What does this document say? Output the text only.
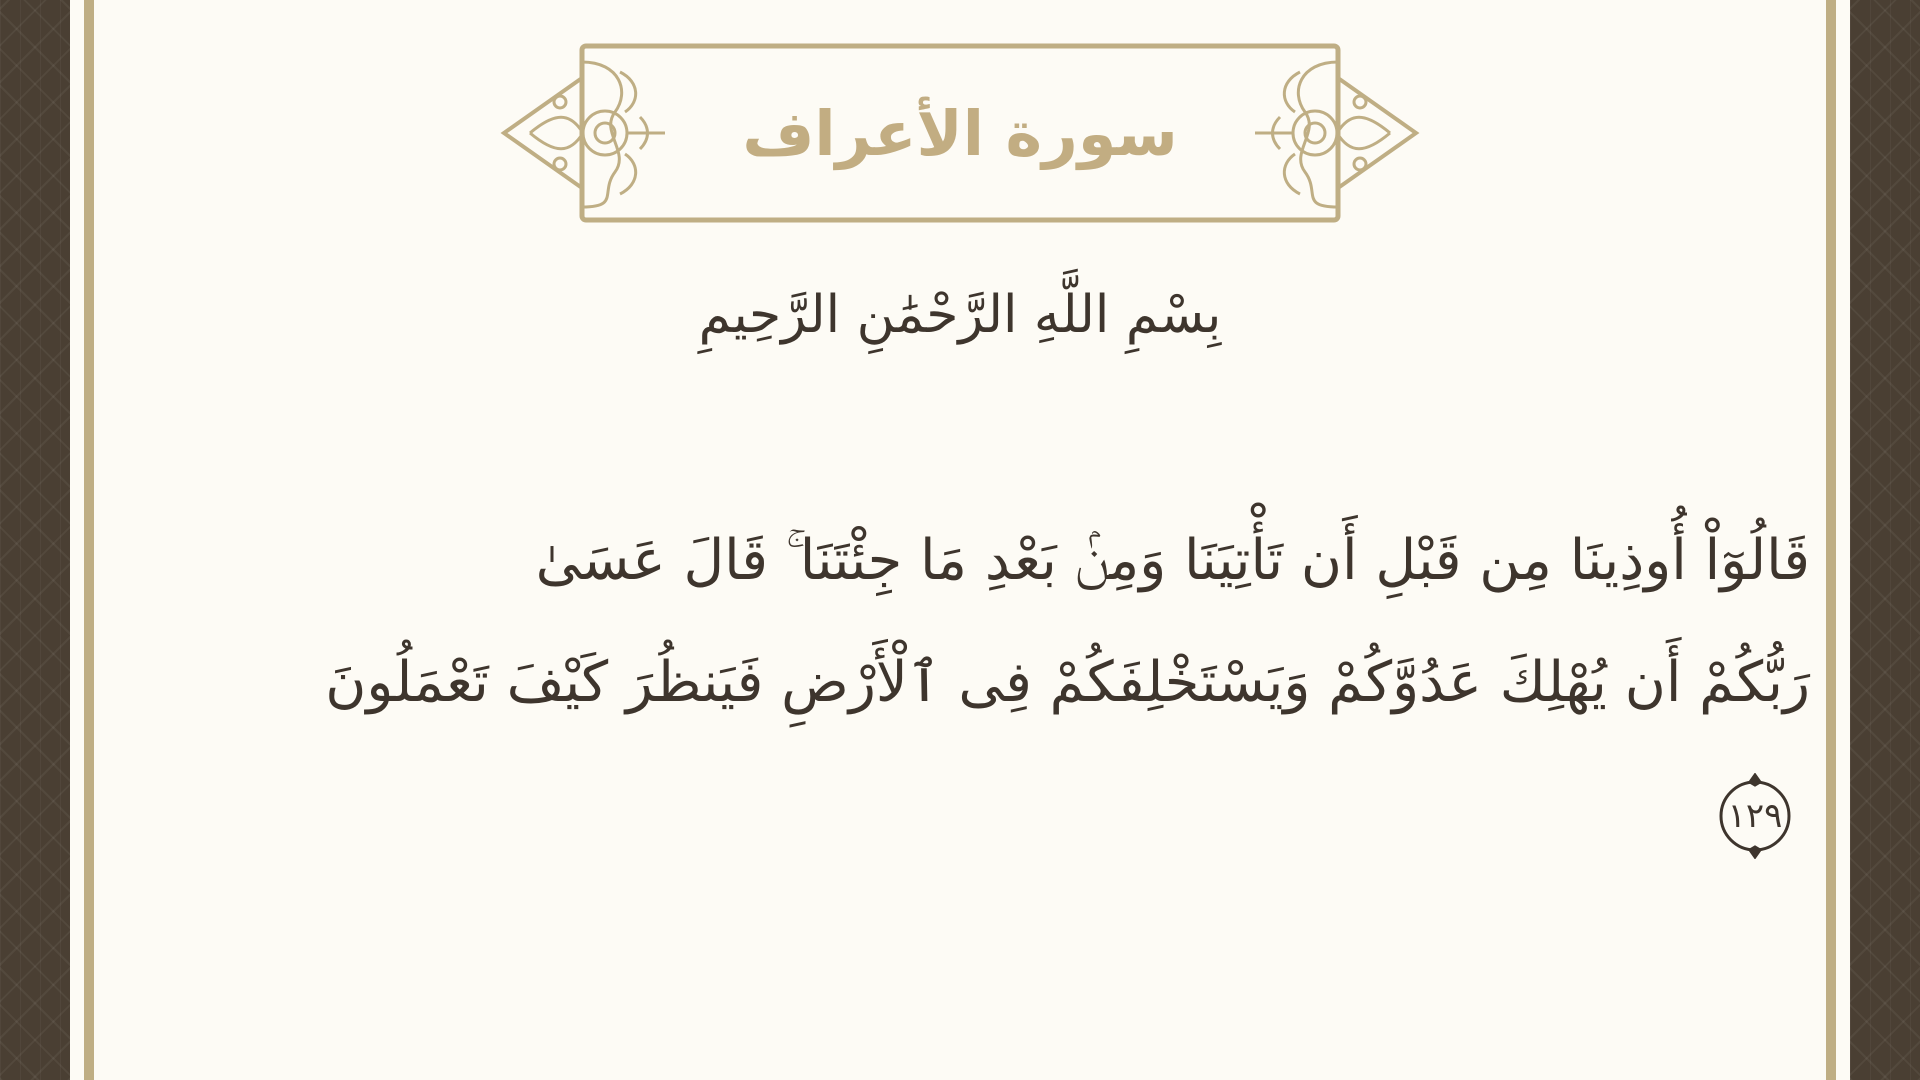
سورة الأعراف
بِسْمِ اللَّهِ الرَّحْمَٰنِ الرَّحِيمِ
قَالُوٓاْ أُوذِينَا مِن قَبْلِ أَن تَأْتِيَنَا وَمِنۢ بَعْدِ مَا جِئْتَنَا ۚ قَالَ عَسَىٰ
رَبُّكُمْ أَن يُهْلِكَ عَدُوَّكُمْ وَيَسْتَخْلِفَكُمْ فِى ٱلْأَرْضِ فَيَنظُرَ كَيْفَ تَعْمَلُونَ
١٢٩
